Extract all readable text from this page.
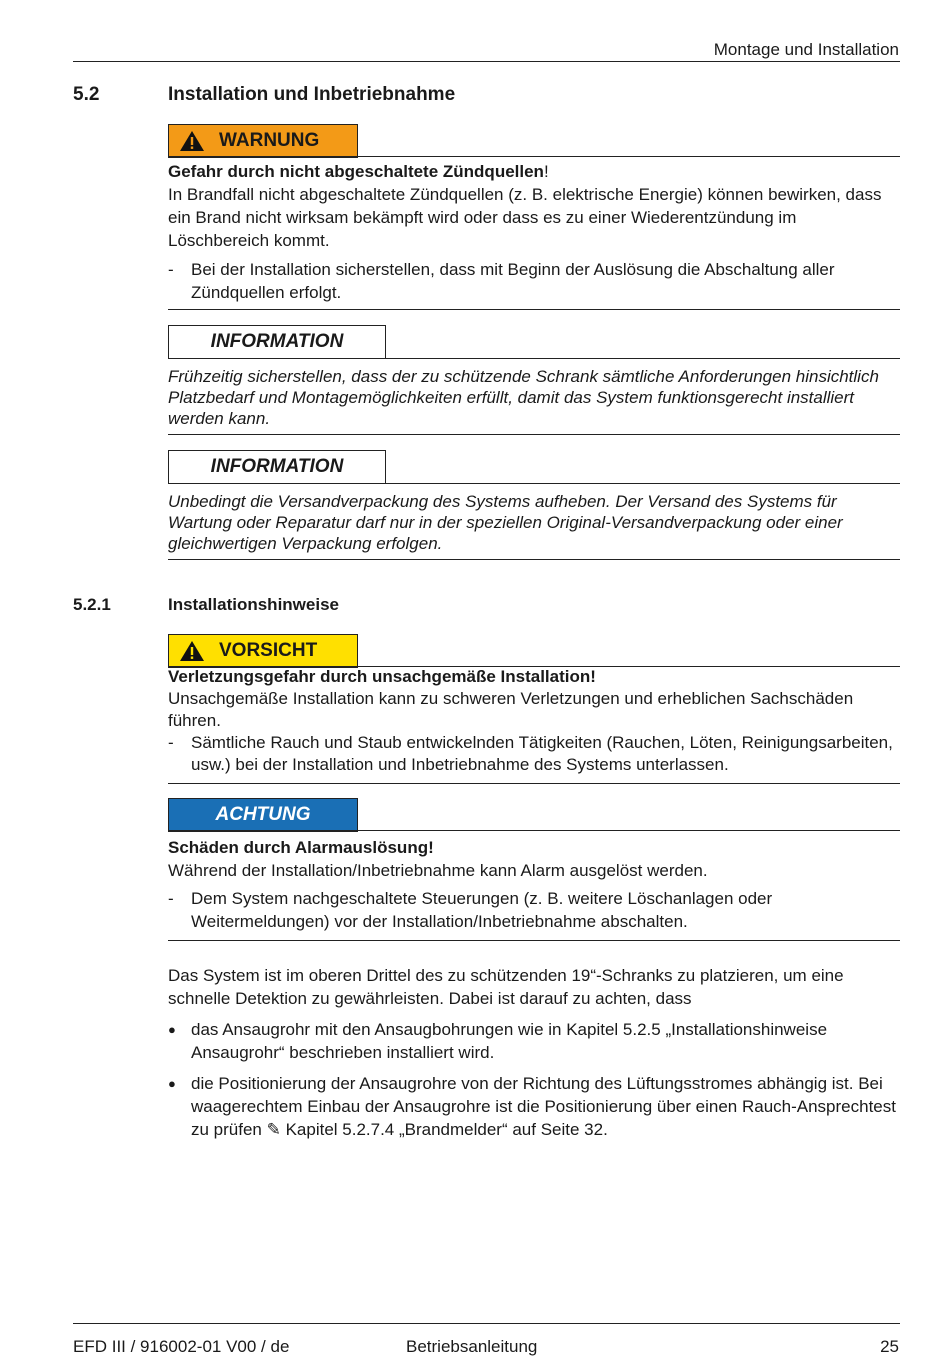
Montage und Installation
5.2	Installation und Inbetriebnahme
WARNUNG
Gefahr durch nicht abgeschaltete Zündquellen!
In Brandfall nicht abgeschaltete Zündquellen (z. B. elektrische Energie) können bewirken, dass ein Brand nicht wirksam bekämpft wird oder dass es zu einer Wiederentzündung im Löschbereich kommt.
- Bei der Installation sicherstellen, dass mit Beginn der Auslösung die Abschaltung aller Zündquellen erfolgt.
INFORMATION
Frühzeitig sicherstellen, dass der zu schützende Schrank sämtliche Anforderungen hinsichtlich Platzbedarf und Montagemöglichkeiten erfüllt, damit das System funktionsgerecht installiert werden kann.
INFORMATION
Unbedingt die Versandverpackung des Systems aufheben. Der Versand des Systems für Wartung oder Reparatur darf nur in der speziellen Original-Versandverpackung oder einer gleichwertigen Verpackung erfolgen.
5.2.1	Installationshinweise
VORSICHT
Verletzungsgefahr durch unsachgemäße Installation!
Unsachgemäße Installation kann zu schweren Verletzungen und erheblichen Sachschäden führen.
- Sämtliche Rauch und Staub entwickelnden Tätigkeiten (Rauchen, Löten, Reinigungsarbeiten, usw.) bei der Installation und Inbetriebnahme des Systems unterlassen.
ACHTUNG
Schäden durch Alarmauslösung!
Während der Installation/Inbetriebnahme kann Alarm ausgelöst werden.
- Dem System nachgeschaltete Steuerungen (z. B. weitere Löschanlagen oder Weitermeldungen) vor der Installation/Inbetriebnahme abschalten.
Das System ist im oberen Drittel des zu schützenden 19“-Schranks zu platzieren, um eine schnelle Detektion zu gewährleisten. Dabei ist darauf zu achten, dass
● das Ansaugrohr mit den Ansaugbohrungen wie in Kapitel 5.2.5 „Installationshinweise Ansaugrohr“ beschrieben installiert wird.
● die Positionierung der Ansaugrohre von der Richtung des Lüftungsstromes abhängig ist. Bei waagerechtem Einbau der Ansaugrohre ist die Positionierung über einen Rauch-Ansprechtest zu prüfen ✎ Kapitel 5.2.7.4 „Brandmelder“ auf Seite 32.
EFD III / 916002-01 V00 / de	Betriebsanleitung	25
